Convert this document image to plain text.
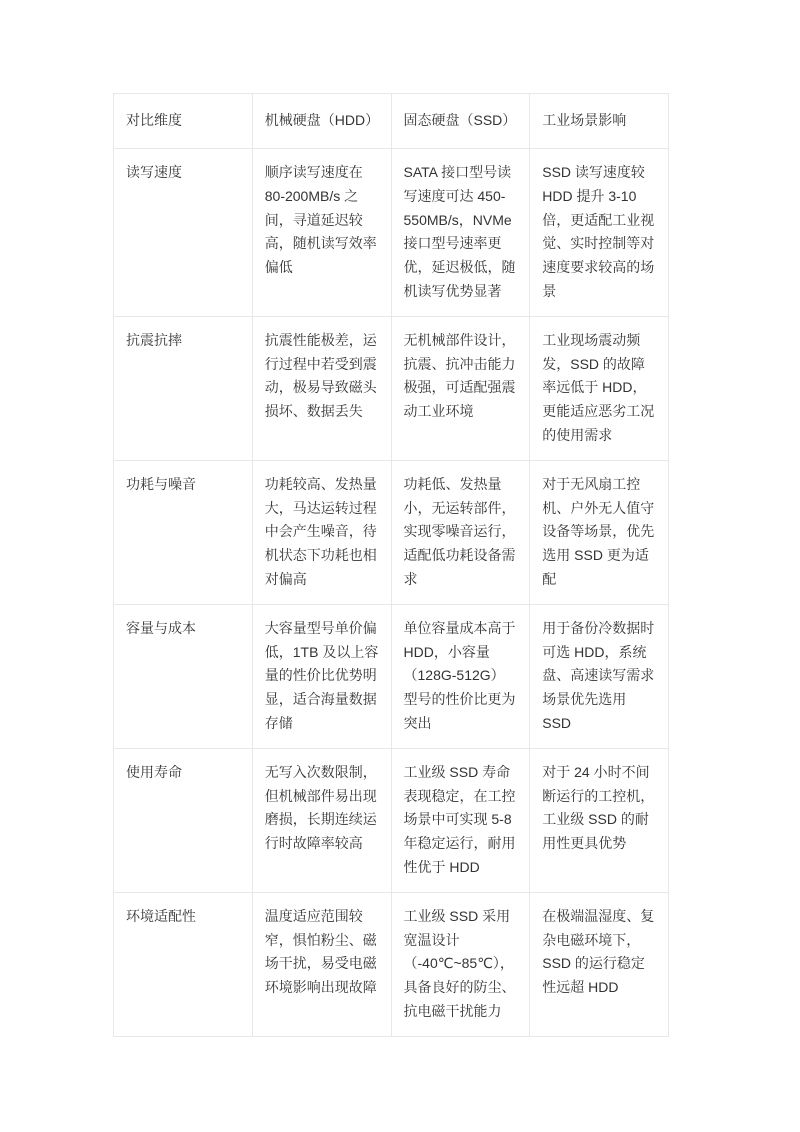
对比维度	机械硬盘（HDD）	固态硬盘（SSD）	工业场景影响
读写速度	顺序读写速度在 80-200MB/s 之间，寻道延迟较高，随机读写效率偏低	SATA 接口型号读写速度可达 450-550MB/s，NVMe 接口型号速率更优，延迟极低，随机读写优势显著	SSD 读写速度较 HDD 提升 3-10 倍，更适配工业视觉、实时控制等对速度要求较高的场景
抗震抗摔	抗震性能极差，运行过程中若受到震动，极易导致磁头损坏、数据丢失	无机械部件设计，抗震、抗冲击能力极强，可适配强震动工业环境	工业现场震动频发，SSD 的故障率远低于 HDD，更能适应恶劣工况的使用需求
功耗与噪音	功耗较高、发热量大，马达运转过程中会产生噪音，待机状态下功耗也相对偏高	功耗低、发热量小，无运转部件，实现零噪音运行，适配低功耗设备需求	对于无风扇工控机、户外无人值守设备等场景，优先选用 SSD 更为适配
容量与成本	大容量型号单价偏低，1TB 及以上容量的性价比优势明显，适合海量数据存储	单位容量成本高于 HDD，小容量（128G-512G）型号的性价比更为突出	用于备份冷数据时可选 HDD，系统盘、高速读写需求场景优先选用 SSD
使用寿命	无写入次数限制，但机械部件易出现磨损，长期连续运行时故障率较高	工业级 SSD 寿命表现稳定，在工控场景中可实现 5-8 年稳定运行，耐用性优于 HDD	对于 24 小时不间断运行的工控机，工业级 SSD 的耐用性更具优势
环境适配性	温度适应范围较窄，惧怕粉尘、磁场干扰，易受电磁环境影响出现故障	工业级 SSD 采用宽温设计（-40℃~85℃），具备良好的防尘、抗电磁干扰能力	在极端温湿度、复杂电磁环境下，SSD 的运行稳定性远超 HDD
